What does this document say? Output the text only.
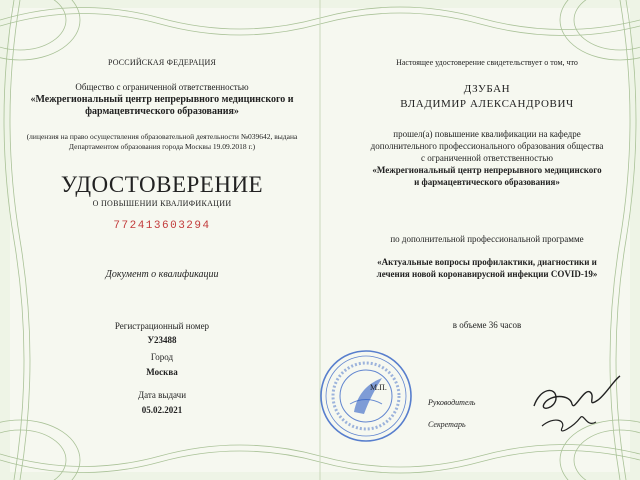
РОССИЙСКАЯ ФЕДЕРАЦИЯ
Общество с ограниченной ответственностью
«Межрегиональный центр непрерывного медицинского и
фармацевтического образования»
(лицензия на право осуществления образовательной деятельности №039642, выдана
Департаментом образования города Москвы 19.09.2018 г.)
УДОСТОВЕРЕНИЕ
О ПОВЫШЕНИИ КВАЛИФИКАЦИИ
772413603294
Документ о квалификации
Регистрационный номер
У23488
Город
Москва
Дата выдачи
05.02.2021
Настоящее удостоверение свидетельствует о том, что
ДЗУБАН
ВЛАДИМИР АЛЕКСАНДРОВИЧ
прошел(а) повышение квалификации на кафедре
дополнительного профессионального образования общества
с ограниченной ответственностью
«Межрегиональный центр непрерывного медицинского
и фармацевтического образования»
по дополнительной профессиональной программе
«Актуальные вопросы профилактики, диагностики и
лечения новой коронавирусной инфекции COVID-19»
в объеме 36 часов
М.П.
Руководитель
Секретарь
